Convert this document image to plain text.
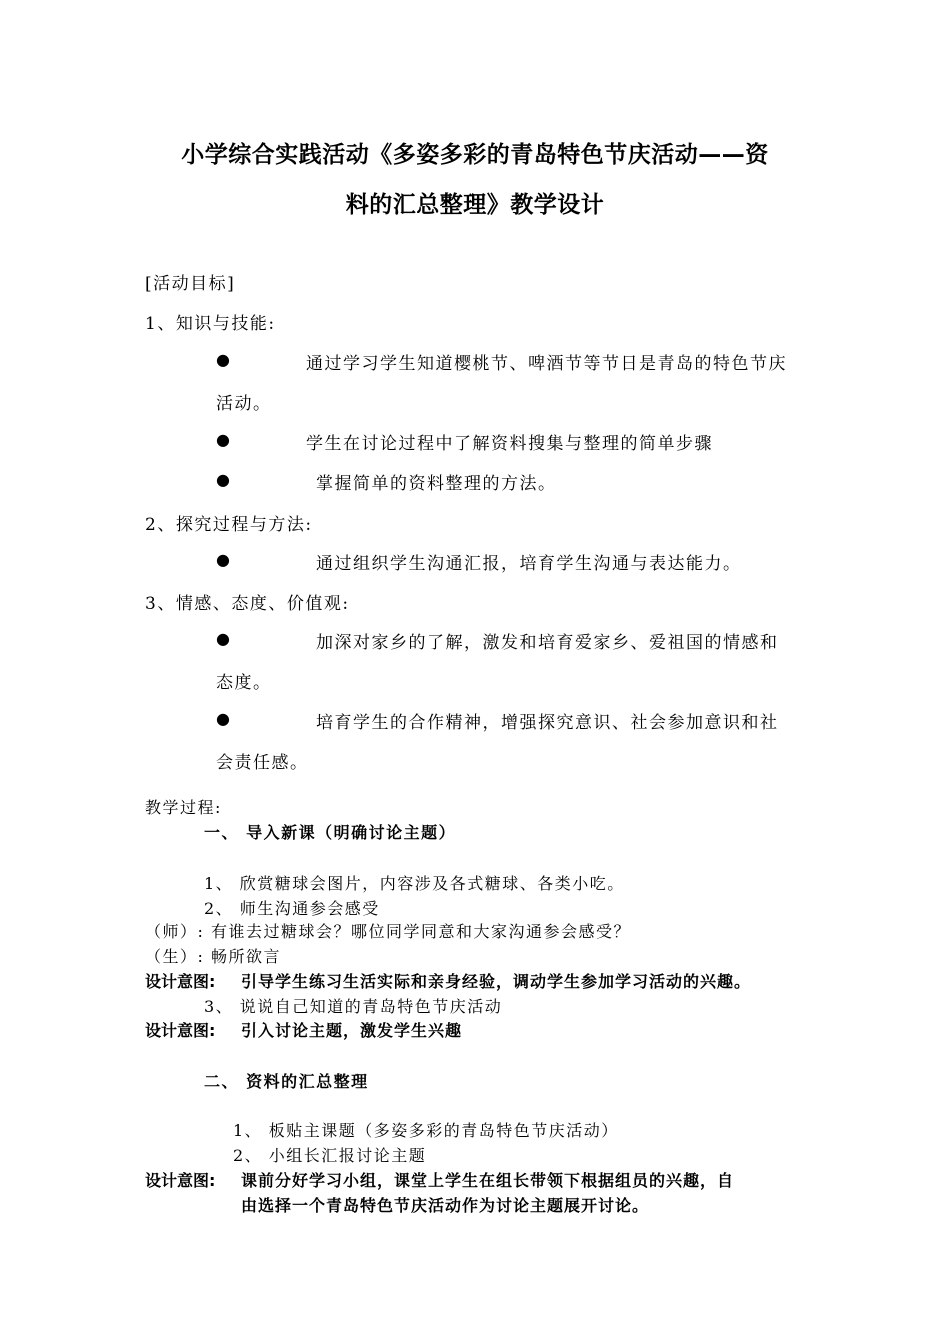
小学综合实践活动《多姿多彩的青岛特色节庆活动——资
料的汇总整理》教学设计
[活动目标]
1、知识与技能:
●	通过学习学生知道樱桃节、啤酒节等节日是青岛的特色节庆
活动。
●	学生在讨论过程中了解资料搜集与整理的简单步骤
●	掌握简单的资料整理的方法。
2、探究过程与方法:
●	通过组织学生沟通汇报，培育学生沟通与表达能力。
3、情感、态度、价值观:
●	加深对家乡的了解，激发和培育爱家乡、爱祖国的情感和
态度。
●	培育学生的合作精神，增强探究意识、社会参加意识和社
会责任感。
教学过程:
一、 导入新课（明确讨论主题）
1、 欣赏糖球会图片，内容涉及各式糖球、各类小吃。
2、 师生沟通参会感受
（师）: 有谁去过糖球会？哪位同学同意和大家沟通参会感受？
（生）: 畅所欲言
设计意图: 引导学生练习生活实际和亲身经验，调动学生参加学习活动的兴趣。
3、 说说自己知道的青岛特色节庆活动
设计意图: 引入讨论主题，激发学生兴趣
二、 资料的汇总整理
1、 板贴主课题（多姿多彩的青岛特色节庆活动）
2、 小组长汇报讨论主题
设计意图: 课前分好学习小组，课堂上学生在组长带领下根据组员的兴趣，自
由选择一个青岛特色节庆活动作为讨论主题展开讨论。
